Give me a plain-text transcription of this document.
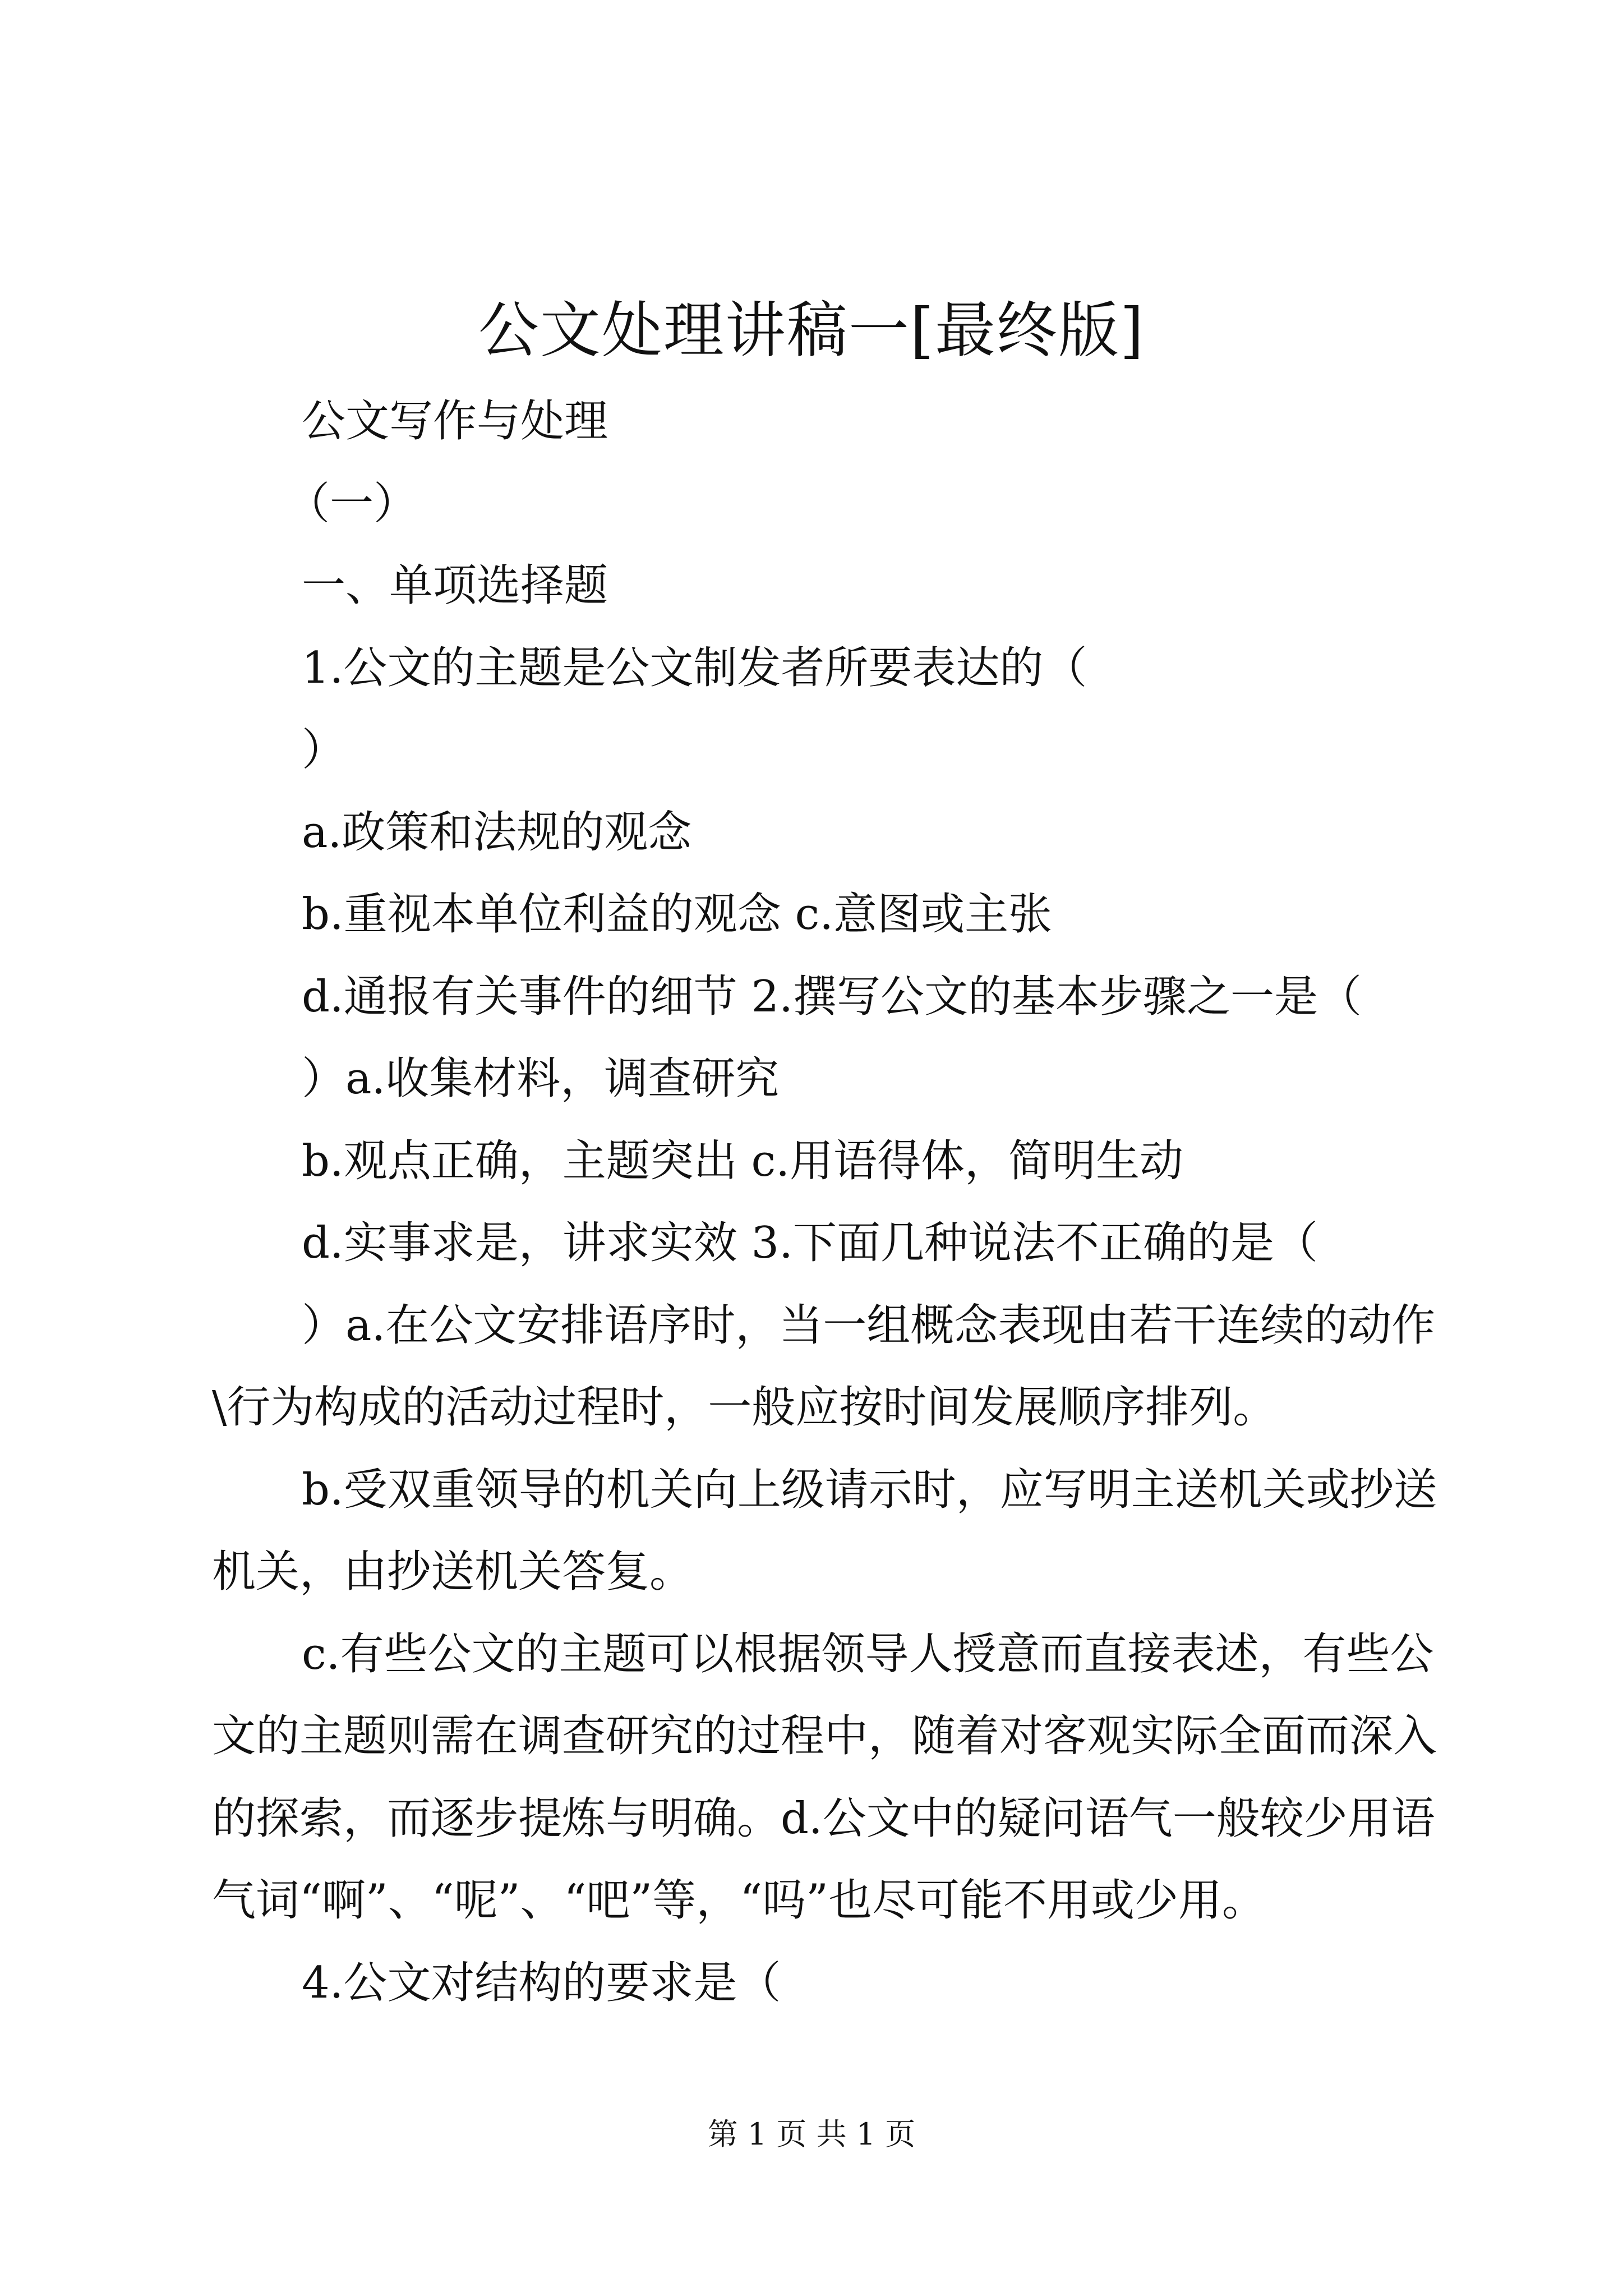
公文处理讲稿一[最终版]
公文写作与处理
（一）
一、单项选择题
1.公文的主题是公文制发者所要表达的（
）
a.政策和法规的观念
b.重视本单位利益的观念 c.意图或主张
d.通报有关事件的细节 2.撰写公文的基本步骤之一是（
）a.收集材料，调查研究
b.观点正确，主题突出 c.用语得体，简明生动
d.实事求是，讲求实效 3.下面几种说法不正确的是（
）a.在公文安排语序时，当一组概念表现由若干连续的动作
\行为构成的活动过程时，一般应按时间发展顺序排列。
b.受双重领导的机关向上级请示时，应写明主送机关或抄送
机关，由抄送机关答复。
c.有些公文的主题可以根据领导人授意而直接表述，有些公
文的主题则需在调查研究的过程中，随着对客观实际全面而深入
的探索，而逐步提炼与明确。d.公文中的疑问语气一般较少用语
气词“啊”、“呢”、“吧”等，“吗”也尽可能不用或少用。
4.公文对结构的要求是（
第 1 页 共 1 页
